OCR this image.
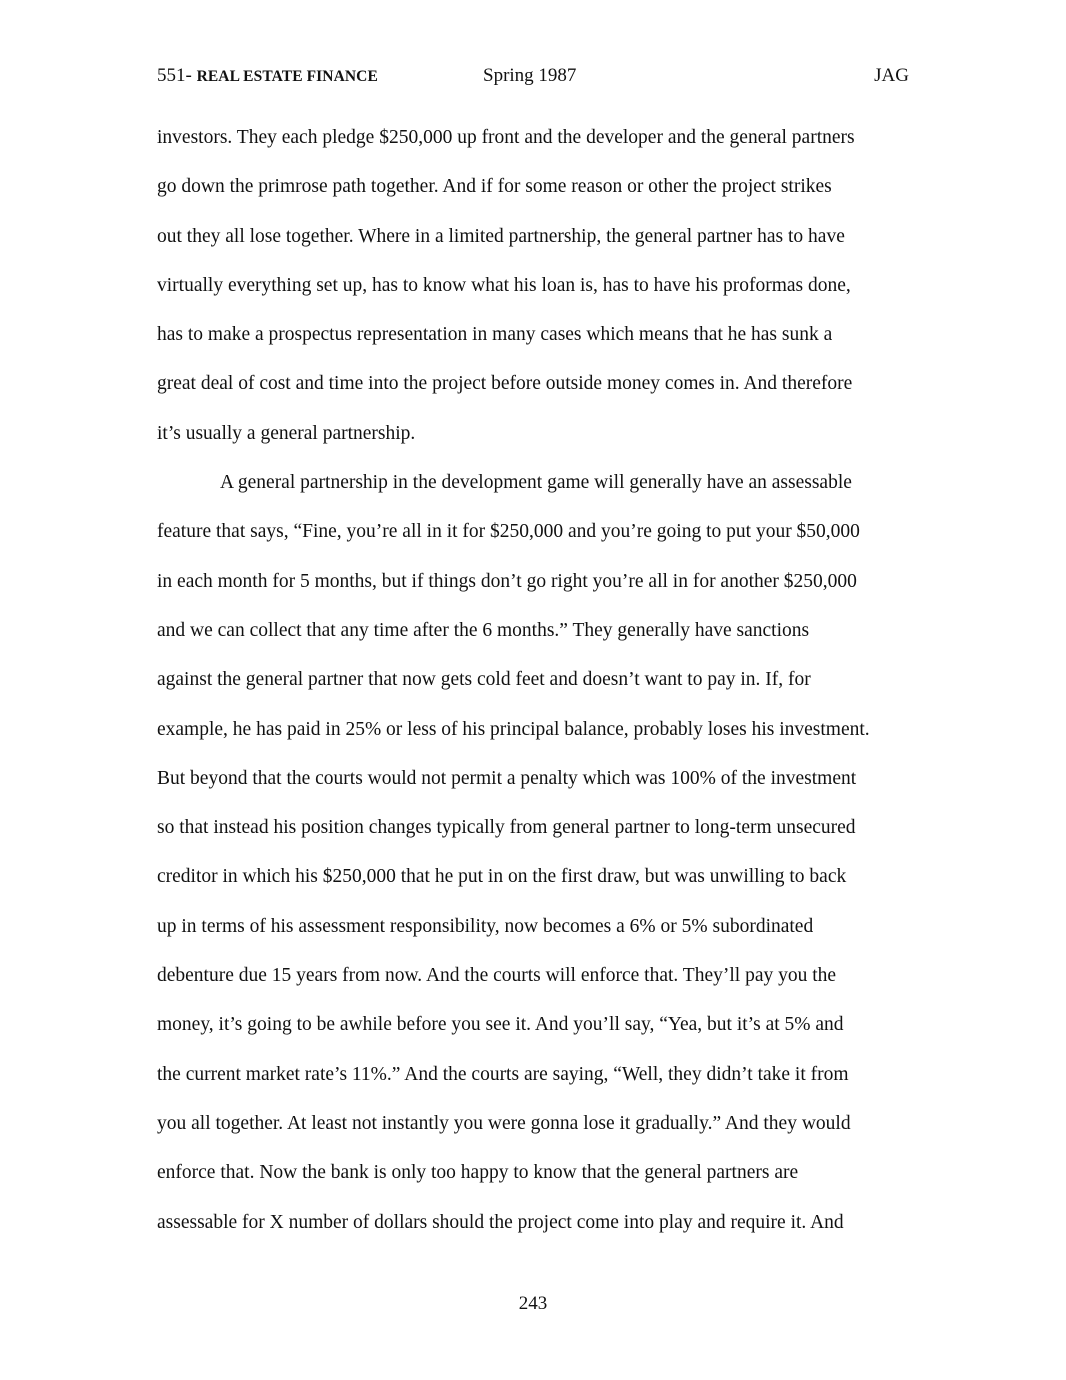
551- REAL ESTATE FINANCE	Spring 1987	JAG
investors. They each pledge $250,000 up front and the developer and the general partners
go down the primrose path together. And if for some reason or other the project strikes
out they all lose together. Where in a limited partnership, the general partner has to have
virtually everything set up, has to know what his loan is, has to have his proformas done,
has to make a prospectus representation in many cases which means that he has sunk a
great deal of cost and time into the project before outside money comes in. And therefore
it’s usually a general partnership.
A general partnership in the development game will generally have an assessable
feature that says, “Fine, you’re all in it for $250,000 and you’re going to put your $50,000
in each month for 5 months, but if things don’t go right you’re all in for another $250,000
and we can collect that any time after the 6 months.” They generally have sanctions
against the general partner that now gets cold feet and doesn’t want to pay in. If, for
example, he has paid in 25% or less of his principal balance, probably loses his investment.
But beyond that the courts would not permit a penalty which was 100% of the investment
so that instead his position changes typically from general partner to long-term unsecured
creditor in which his $250,000 that he put in on the first draw, but was unwilling to back
up in terms of his assessment responsibility, now becomes a 6% or 5% subordinated
debenture due 15 years from now. And the courts will enforce that. They’ll pay you the
money, it’s going to be awhile before you see it. And you’ll say, “Yea, but it’s at 5% and
the current market rate’s 11%.” And the courts are saying, “Well, they didn’t take it from
you all together. At least not instantly you were gonna lose it gradually.” And they would
enforce that. Now the bank is only too happy to know that the general partners are
assessable for X number of dollars should the project come into play and require it. And
243
